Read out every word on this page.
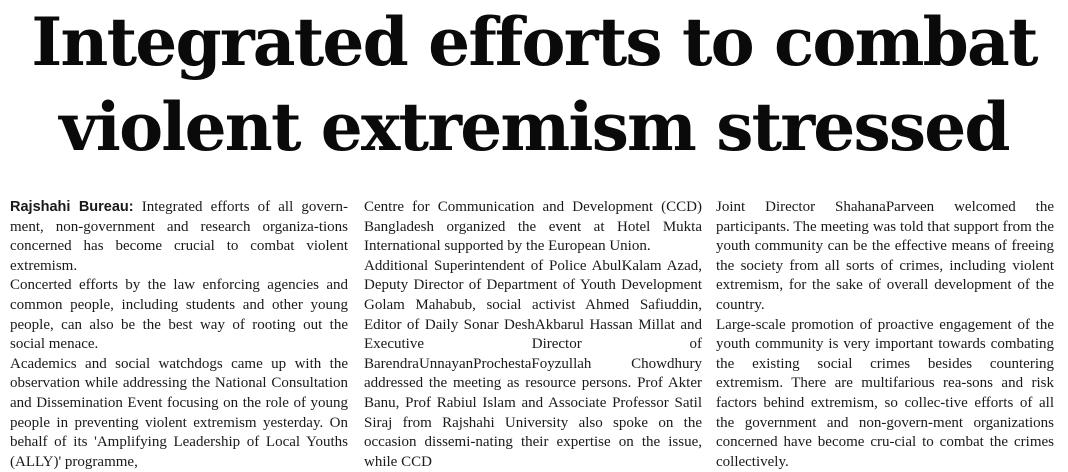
Integrated efforts to combat
violent extremism stressed

Rajshahi Bureau: Integrated efforts of all govern-ment, non-government and research organiza-tions concerned has become crucial to combat violent extremism.

Concerted efforts by the law enforcing agencies and common people, including students and other young people, can also be the best way of rooting out the social menace.

Academics and social watchdogs came up with the observation while addressing the National Consultation and Dissemination Event focusing on the role of young people in preventing violent extremism yesterday. On behalf of its 'Amplifying Leadership of Local Youths (ALLY)' programme,

Centre for Communication and Development (CCD) Bangladesh organized the event at Hotel Mukta International supported by the European Union.

Additional Superintendent of Police AbulKalam Azad, Deputy Director of Department of Youth Development Golam Mahabub, social activist Ahmed Safiuddin, Editor of Daily Sonar DeshAkbarul Hassan Millat and Executive Director of BarendraUnnayanProchestaFoyzullah Chowdhury addressed the meeting as resource persons. Prof Akter Banu, Prof Rabiul Islam and Associate Professor Satil Siraj from Rajshahi University also spoke on the occasion dissemi-nating their expertise on the issue, while CCD

Joint Director ShahanaParveen welcomed the participants. The meeting was told that support from the youth community can be the effective means of freeing the society from all sorts of crimes, including violent extremism, for the sake of overall development of the country.

Large-scale promotion of proactive engagement of the youth community is very important towards combating the existing social crimes besides countering extremism. There are multifarious rea-sons and risk factors behind extremism, so collec-tive efforts of all the government and non-govern-ment organizations concerned have become cru-cial to combat the crimes collectively.
